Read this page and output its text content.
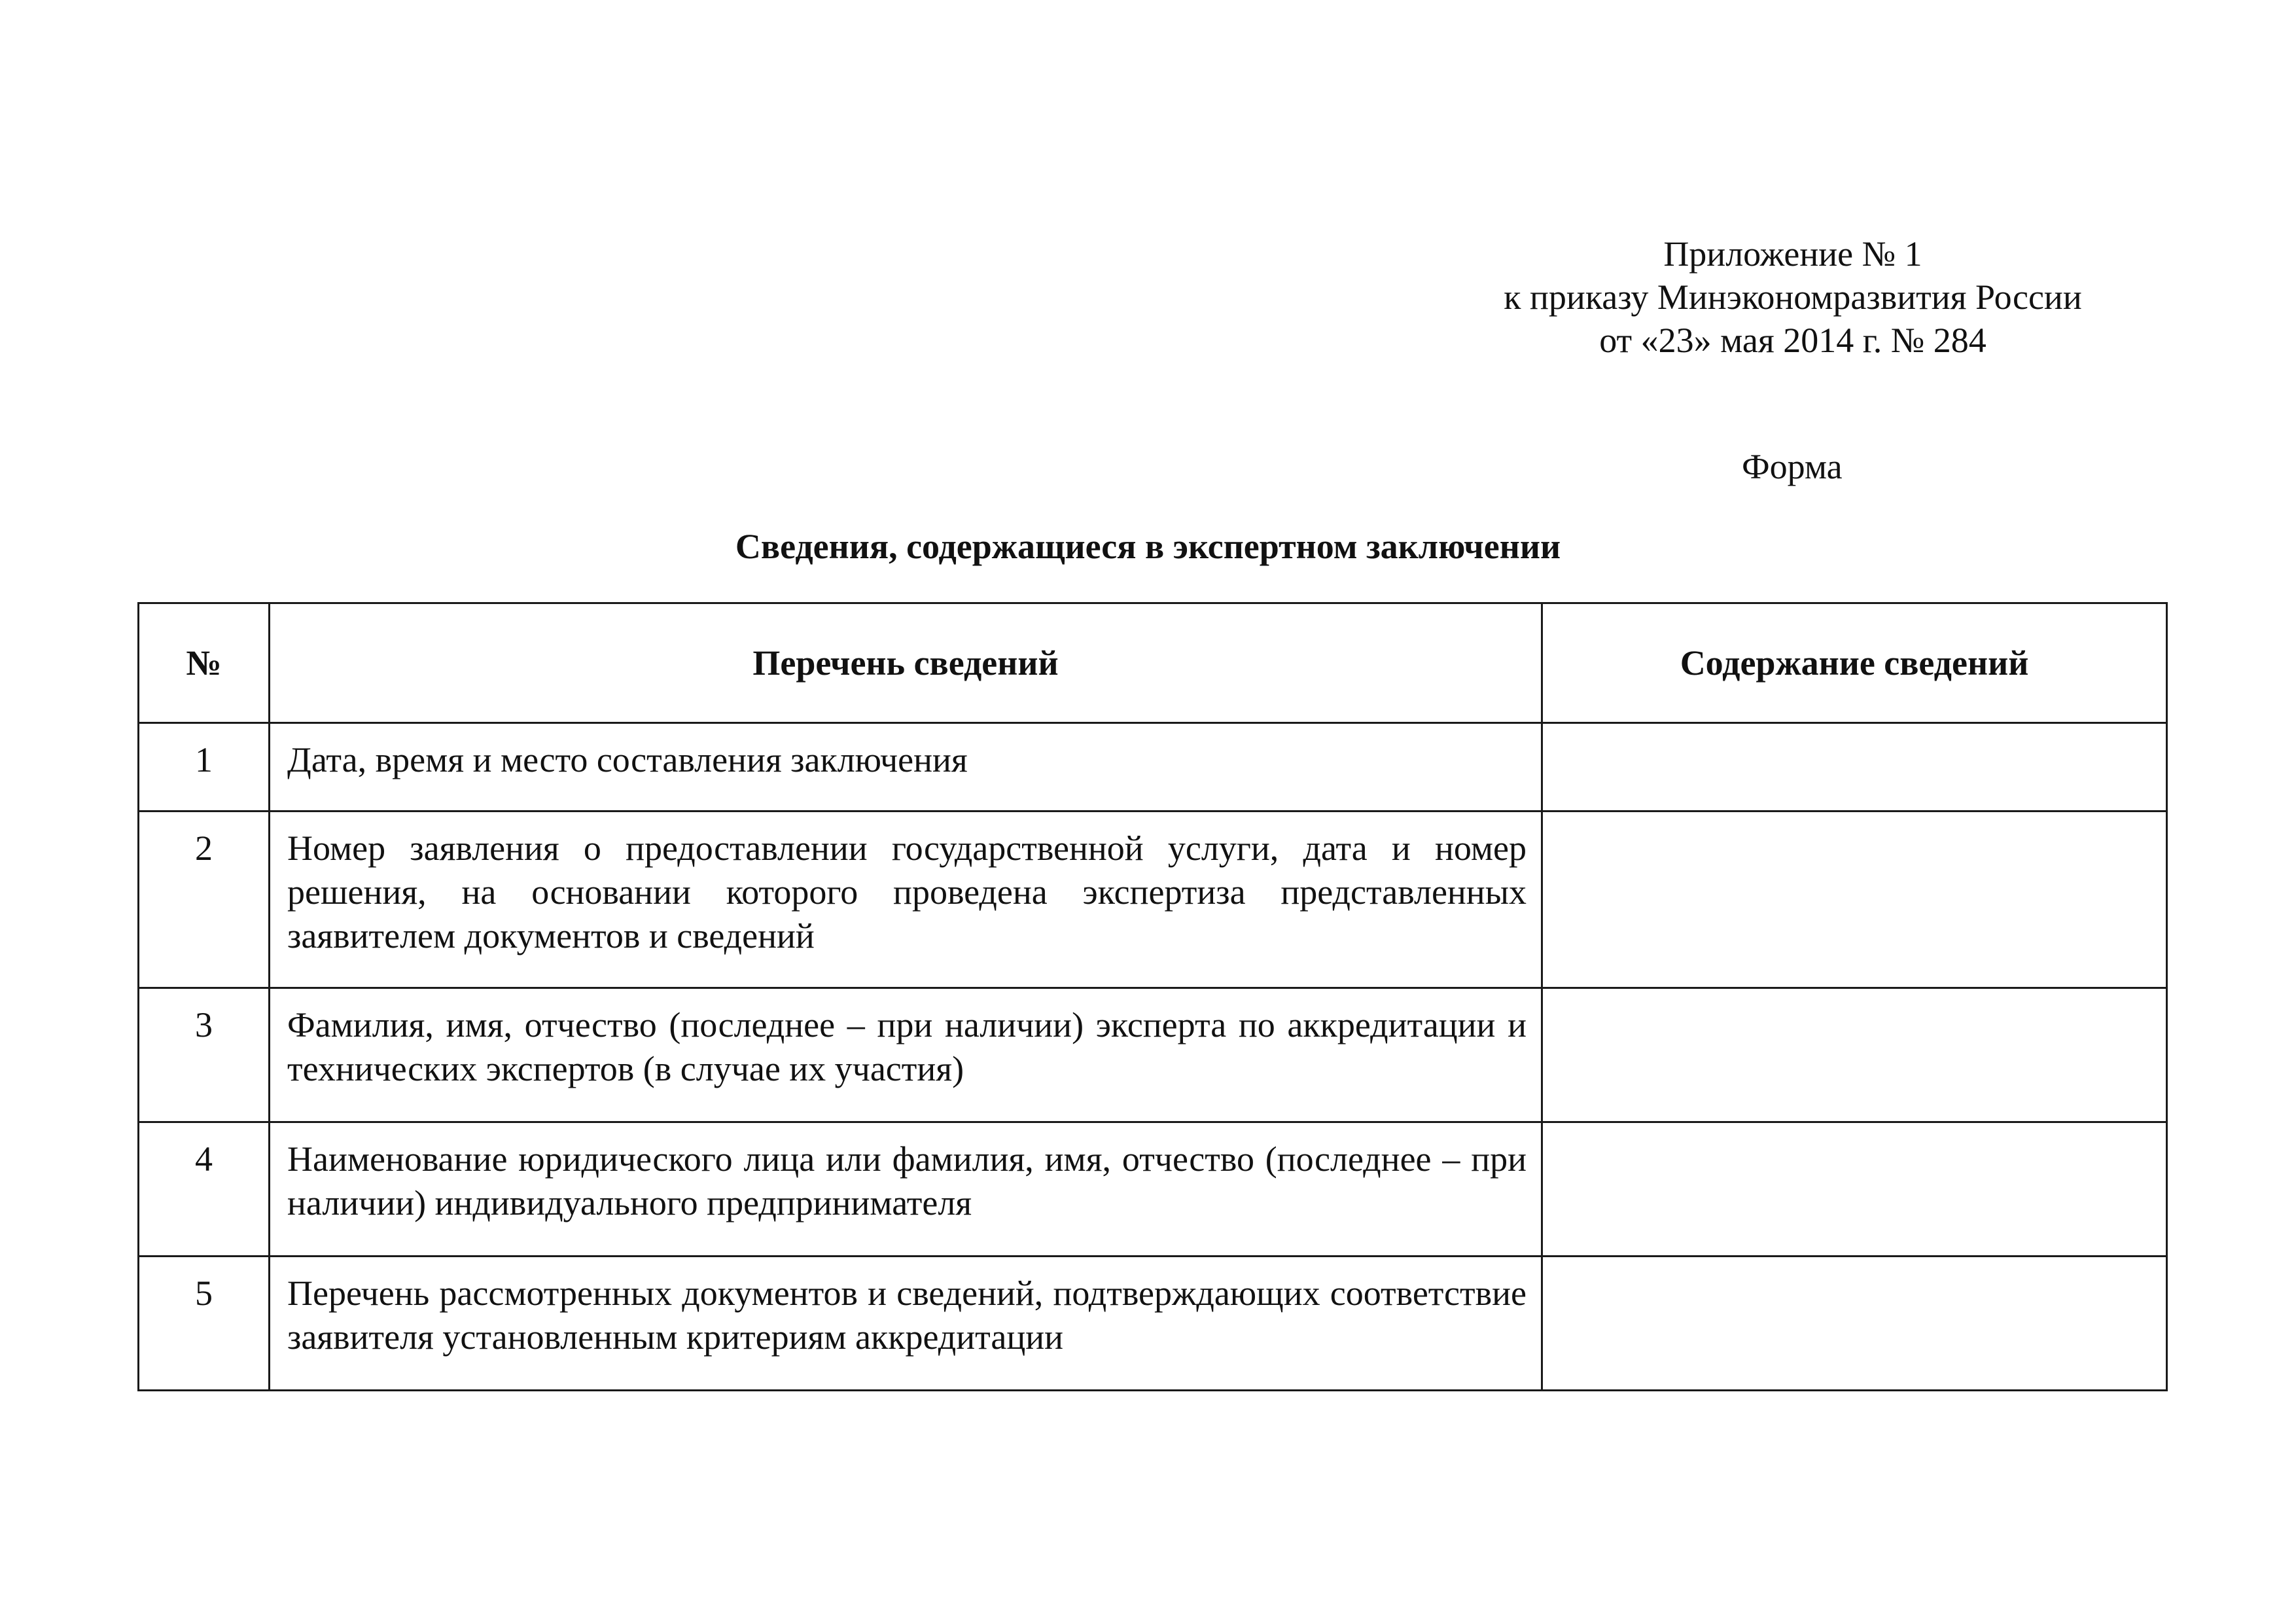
Приложение № 1
к приказу Минэкономразвития России
от «23» мая 2014 г. № 284
Форма
Сведения, содержащиеся в экспертном заключении
№	Перечень сведений	Содержание сведений
1	Дата, время и место составления заключения	
2	Номер заявления о предоставлении государственной услуги, дата и номер решения, на основании которого проведена экспертиза представленных заявителем документов и сведений	
3	Фамилия, имя, отчество (последнее – при наличии) эксперта по аккредитации и технических экспертов (в случае их участия)	
4	Наименование юридического лица или фамилия, имя, отчество (последнее – при наличии) индивидуального предпринимателя	
5	Перечень рассмотренных документов и сведений, подтверждающих соответствие заявителя установленным критериям аккредитации	
